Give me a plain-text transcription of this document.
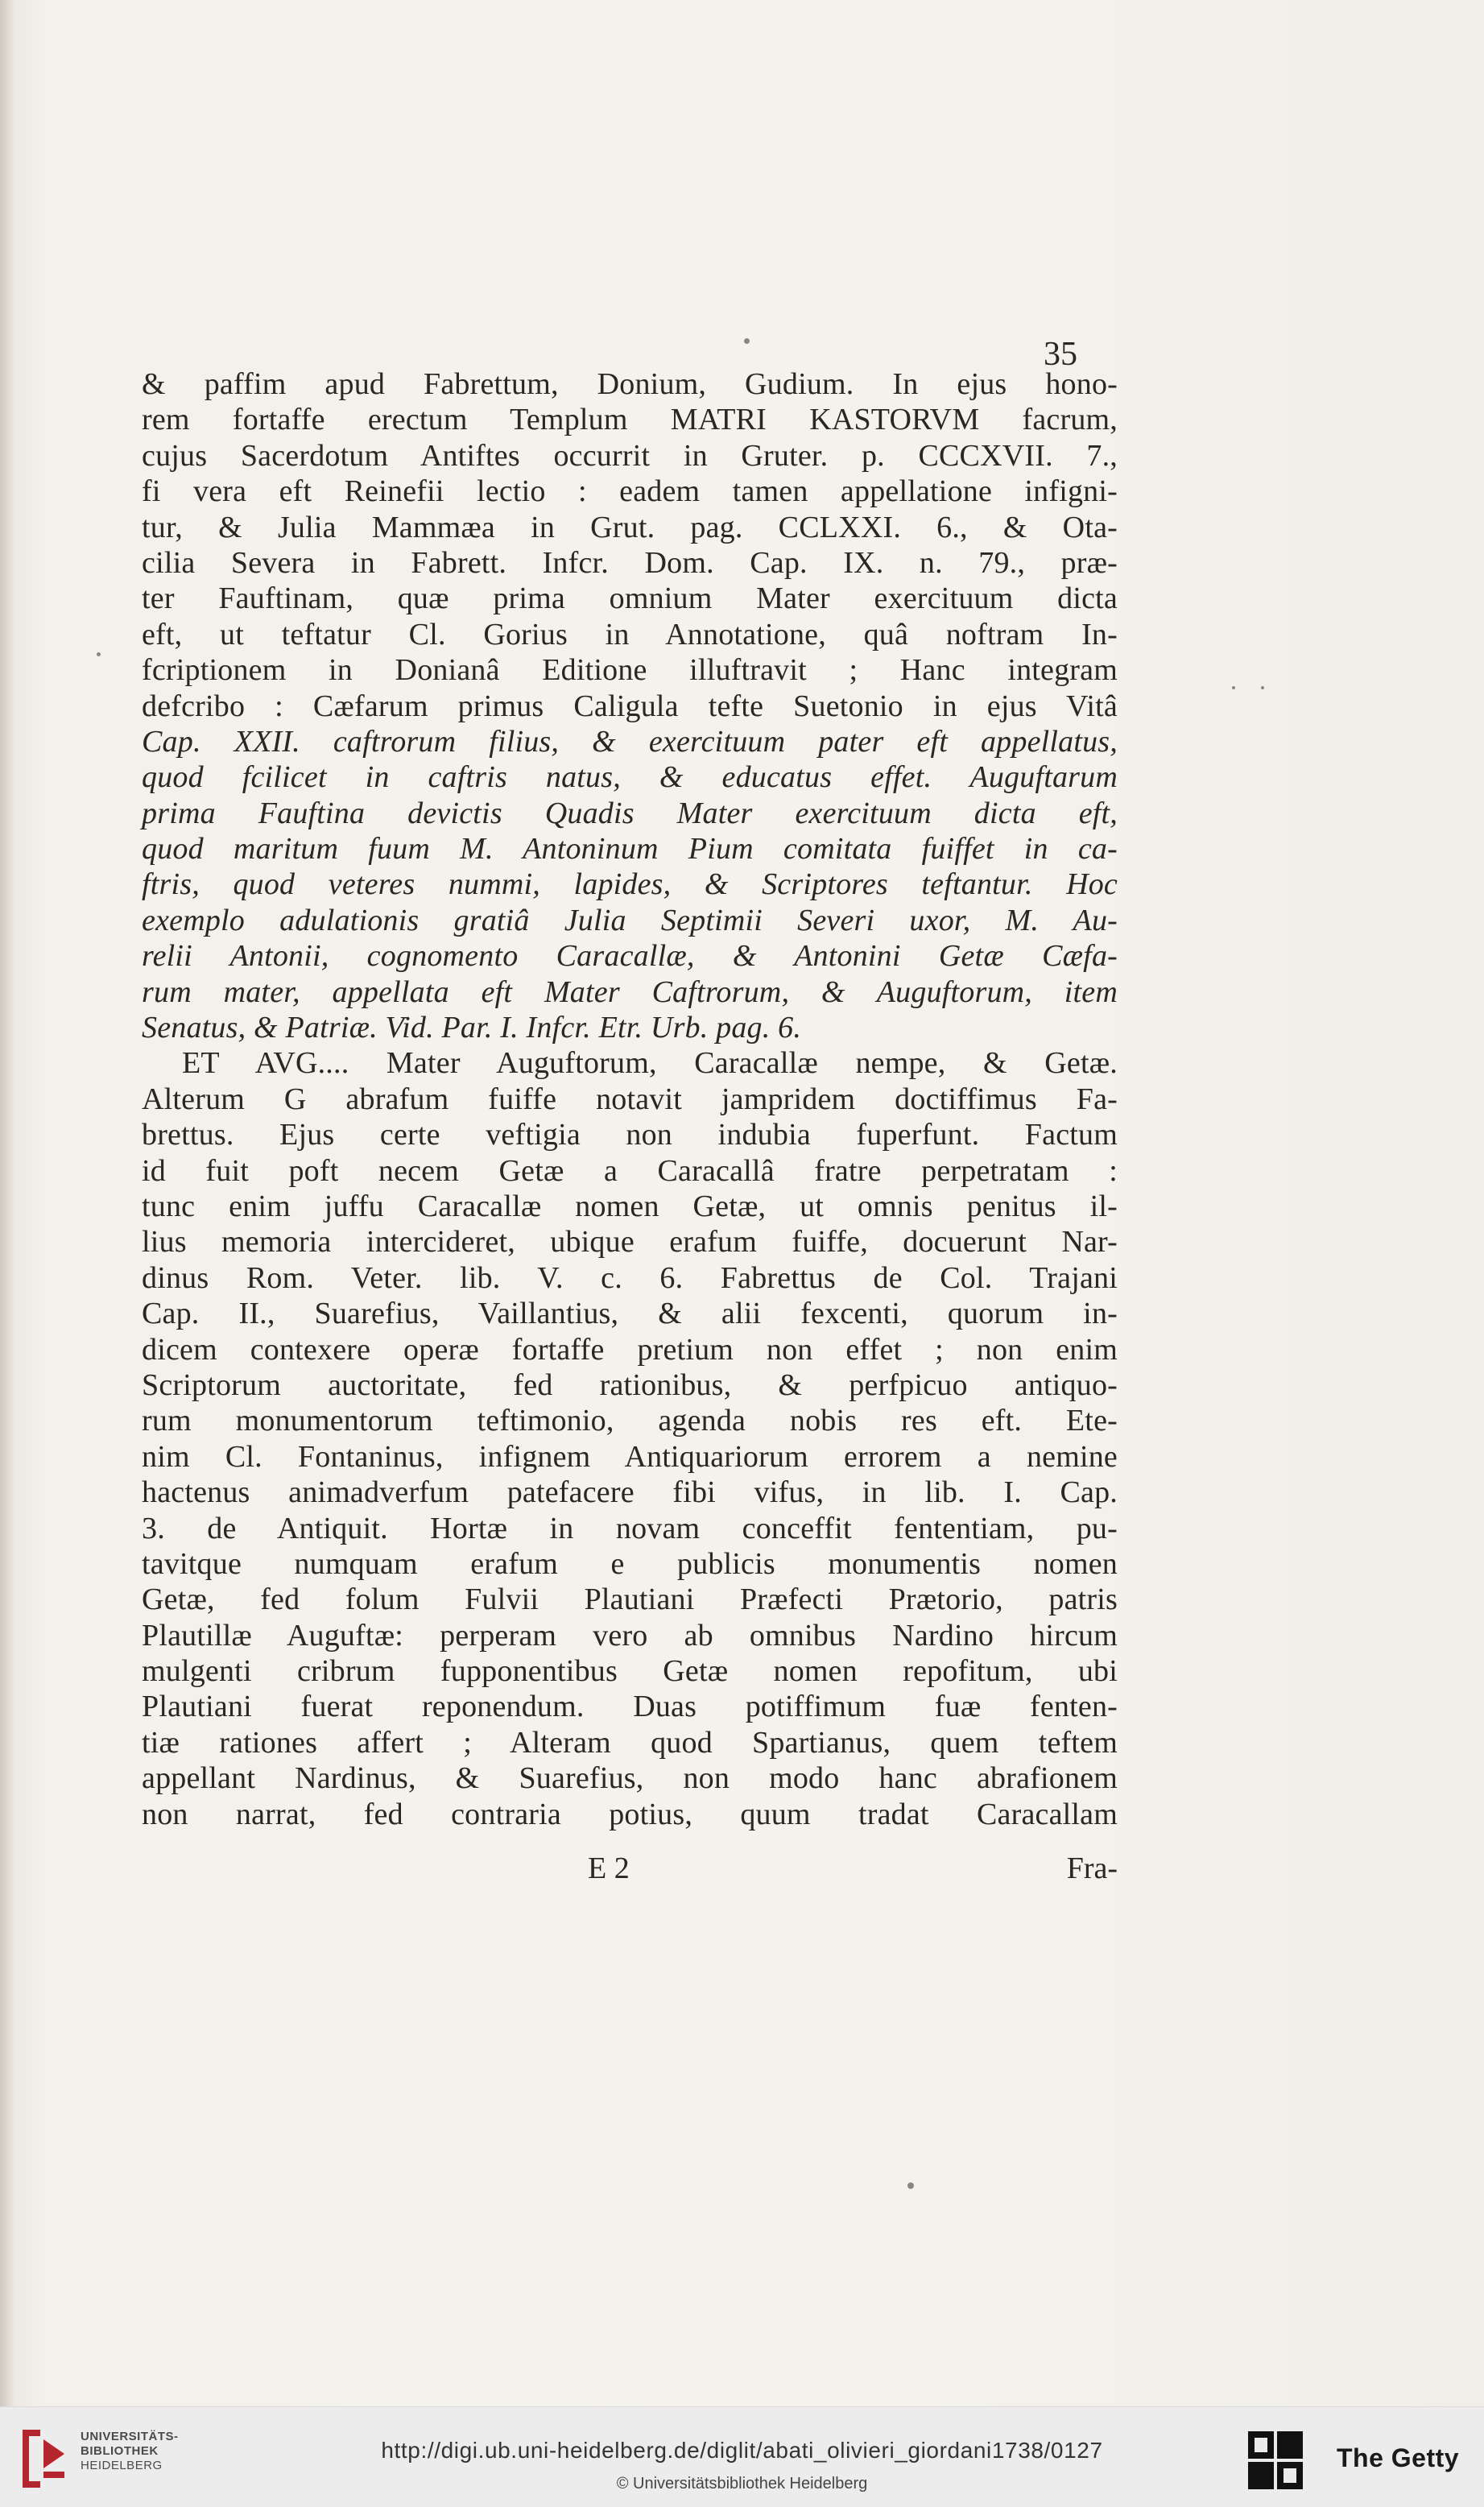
35
& paffim apud Fabrettum, Donium, Gudium. In ejus hono-
rem fortaffe erectum Templum MATRI KASTORVM facrum,
cujus Sacerdotum Antiftes occurrit in Gruter. p. CCCXVII. 7.,
fi vera eft Reinefii lectio : eadem tamen appellatione infigni-
tur, & Julia Mammæa in Grut. pag. CCLXXI. 6., & Ota-
cilia Severa in Fabrett. Infcr. Dom. Cap. IX. n. 79., præ-
ter Fauftinam, quæ prima omnium Mater exercituum dicta
eft, ut teftatur Cl. Gorius in Annotatione, quâ noftram In-
fcriptionem in Donianâ Editione illuftravit ; Hanc integram
defcribo : Cæfarum primus Caligula tefte Suetonio in ejus Vitâ
Cap. XXII. caftrorum filius, & exercituum pater eft appellatus,
quod fcilicet in caftris natus, & educatus effet. Auguftarum
prima Fauftina devictis Quadis Mater exercituum dicta eft,
quod maritum fuum M. Antoninum Pium comitata fuiffet in ca-
ftris, quod veteres nummi, lapides, & Scriptores teftantur. Hoc
exemplo adulationis gratiâ Julia Septimii Severi uxor, M. Au-
relii Antonii, cognomento Caracallæ, & Antonini Getæ Cæfa-
rum mater, appellata eft Mater Caftrorum, & Auguftorum, item
Senatus, & Patriæ. Vid. Par. I. Infcr. Etr. Urb. pag. 6.
ET AVG.... Mater Auguftorum, Caracallæ nempe, & Getæ.
Alterum G abrafum fuiffe notavit jampridem doctiffimus Fa-
brettus. Ejus certe veftigia non indubia fuperfunt. Factum
id fuit poft necem Getæ a Caracallâ fratre perpetratam :
tunc enim juffu Caracallæ nomen Getæ, ut omnis penitus il-
lius memoria intercideret, ubique erafum fuiffe, docuerunt Nar-
dinus Rom. Veter. lib. V. c. 6. Fabrettus de Col. Trajani
Cap. II., Suarefius, Vaillantius, & alii fexcenti, quorum in-
dicem contexere operæ fortaffe pretium non effet ; non enim
Scriptorum auctoritate, fed rationibus, & perfpicuo antiquo-
rum monumentorum teftimonio, agenda nobis res eft. Ete-
nim Cl. Fontaninus, infignem Antiquariorum errorem a nemine
hactenus animadverfum patefacere fibi vifus, in lib. I. Cap.
3. de Antiquit. Hortæ in novam conceffit fententiam, pu-
tavitque numquam erafum e publicis monumentis nomen
Getæ, fed folum Fulvii Plautiani Præfecti Prætorio, patris
Plautillæ Auguftæ: perperam vero ab omnibus Nardino hircum
mulgenti cribrum fupponentibus Getæ nomen repofitum, ubi
Plautiani fuerat reponendum. Duas potiffimum fuæ fenten-
tiæ rationes affert ; Alteram quod Spartianus, quem teftem
appellant Nardinus, & Suarefius, non modo hanc abrafionem
non narrat, fed contraria potius, quum tradat Caracallam
E 2	Fra-
UNIVERSITÄTS-
BIBLIOTHEK
HEIDELBERG
http://digi.ub.uni-heidelberg.de/diglit/abati_olivieri_giordani1738/0127
© Universitätsbibliothek Heidelberg
The Getty
